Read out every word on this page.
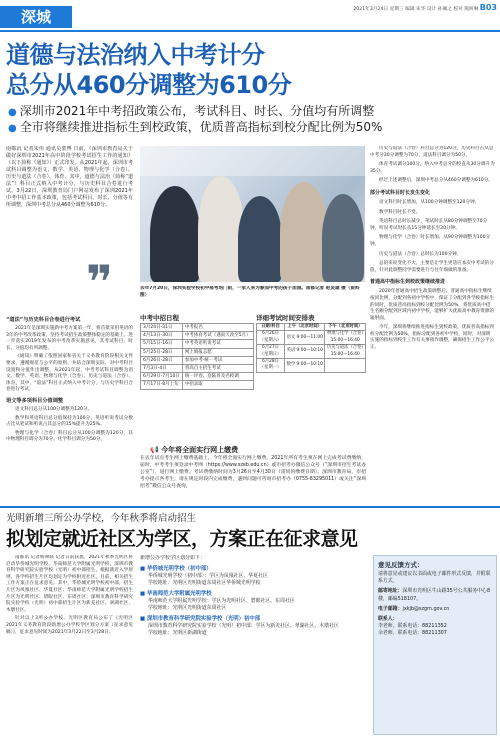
深城	2021年3月24日 星期三 编辑 朱华 设计 孙佩之 校对 熊妍琳 B03
道德与法治纳入中考计分
总分从460分调整为610分
● 深圳市2021年中考招政策公布，考试科目、时长、分值均有所调整
● 全市将继续推进指标生到校政策，优质普高指标到校分配比例为50%
南都讯 记者朱伟 通讯员蒙博 日前，《深圳市教育局关于做好深圳市2021年高中阶段学校考试招生工作的通知》（以下简称《通知》）正式印发。从2021年起，深圳市考试科目调整为语文、数学、英语、物理与化学（合卷）、历史与道法（合卷）、体育，其中，道德与法治（简称“道法”）科目正式纳入中考计分，与历史科目合卷进行考试。3月22日，深圳教育局门户网站发布了深圳2021年中考中招工作基本政策，包括考试科目、时长、分值等有所调整，深圳中考总分从460分调整为610分。
❞	去年7月20日，深圳实验学校初中部考场门前，一家人来为参加中考的孩子加油。南都记者 赵炎雄 摄（资料图）

历史与道法（合卷）科目总分为120分，历史科目占从总中考分30分调整为70分，道法科目调分为50分。

体育考试调分100分，纳入中考总分的校直从30分调升为35分。

经过上述调整后，深圳中考总分从460分调整为610分。

部分考试科目时长发生变化

语文科目时长增加，从100分钟调整至120分钟。

数学科目时长不变。

英语科目总时长减少，笔试时长从80分钟调整至70分钟，听说考试时长从15分钟延长至20分钟。

物理与化学（合卷）时长增加，从90分钟调整为100分钟。

历史与道法（合卷）总时长为100分钟。

总的来说变化不大，主要是让学生更适应本次中考试的分值，针对此调整同学需要进行与往年细做的准备。

普通高中指标生到校政策继续推进

2020年普通高中招生政策调整后，普通高中指标生继续按同比例，分配到各初中学校中，保证了分配到各学校指标生的同时，优质普高指标到校分配比例为50%，将优质高中招生名额分配到区域内初中学校，能够扩大优质高中教育资源的辐射面。

今年，深圳将继续推进指标生到校政策，优质普高指标到校分配比例为50%，指标分配到各初中学校，同时，对深圳实施的指标到校生工作有关事项作调整，确保招生工作公平公正。

“道法”与历史科目合卷进行考试

2021年是深圳实施新中考方案第一年，将首批采用英语的3年的中考改革政策，坚持考试招生政策整体稳定的基础上，进一步落实2019年发布的中考改革实施意见，其考试科目、时长、分值均有所调整。

《通知》明确了依照国家和省关于义务教育阶段相关文件要求，遵循规范与公平的原则，并结合深圳实际，对中考科目设置和分值作出调整，从2021年起，中考考试科目调整为语文、数学、英语、物理与化学（合卷）、历史与道法（合卷）、体育，其中，“道法”科目正式纳入中考计分，与历史学科目合卷进行考试。

语文等多项科目分值调整

语文科目总分从100分调整为120分。

数学和英语科目总分值保持为100分，英语听说考试分数占比从笔试和听说占其总分的15%提升为25%。

物理与化学（合卷）科目总分从100分调整为120分，其中物理科目调分为70分，化学科目调分为50分。

中考中招日程
3月24日-31日	中考报名
4月13日-30日	中考体育考试（遇雨天改至5月）
5月15日-16日	中考英语听说考试
5月25日-28日	网上填报志愿
6月26日-28日	参加中考-统一考试
7月3日-4日	普高自主招生考试
6月29日-7月10日	统一评卷、登陆普及名校调
7月17日-8月上旬	中招录取
详细考试时间安排表
日期\科目	上午（北京时间）	下午（北京时间）
6月26日（星期六）	语文 9:00—11:00	物理与化学（合卷）15:00—16:40
6月27日（星期日）	英语 9:00—10:10	历史与道法（合卷）15:00—16:40
6月28日（星期一）	数学 9:00—10:10	
📢 今年将全面实行网上缴费
在去年试点考生网上缴费基础上，今年将全面实行网上缴费。2021年所有考生须在网上完成考试费缴纳，届时，中考考生须登录中考网（https://www.szeb.edu.cn）或市招考办微信公众号（“深圳市招生考试办公室”），进行网上缴费。考试费缴纳时间为3月26日至4月30日（雷同的缴费日期）。深圳市教育局、市招考办提示各考生，请在规定时段内完成缴费，遇到问题可咨询市招考办（0755-83295011）或关注“深圳招考”微信公众号查询。
光明新增三所公办学校，今年秋季将启动招生
拟划定就近社区为学区，方案正在征求意见

南都讯 记者杨翠联 记者日前获悉，2021年秋季光明区将启动华侨城光明学校、华南师范大学附属光明学校、深圳市教育科学研究院实验学校（光明）初中部招生，根据就近入学原则，各学校招生片区均划定为学校附近社区。目前，相关招生工作方案正在征求意见。其中，华侨城光明学校初中部，招生片区为凤凰社区、华夏社区；华南师范大学附属光明学校招生片区为光明社区、碧眼社区、东周社区；深圳市教育科学研究院实验学校（光明）初中部招生片区为新羌社区、翠湖社区、木墩社区。

针对以上3所公办学校，光明区教育局公布了《光明区2021年义务教育阶段新增公办学校学区划分方案（征求意见稿）》，征求意见时间为2021年3月22日至3月28日。

新增公办学校学区划分如下：
■ 华侨城光明学校（初中部）
华侨城光明学校（初中部）：学区为凤凰社区、华夏社区
学校地址：光明区光明街道东周社区华侨城光明学校
■ 华南师范大学附属光明学校
华南师范大学附属光明学校：学区为光明社区、碧眼社区、东周社区
学校地址：光明区光明街道东周社区
■ 深圳市教育科学研究院实验学校（光明）初中部
深圳市教育科学研究院实验学校（光明）初中部：学区为新羌社区、翠湖社区、木墩社区
学校地址：光明区新湖街道
意见反馈方式：

请将意见或建议以书面或电子邮件形式反馈，并附联系方式。

邮寄地址：深圳市光明区牛山路35号公共服务中心8楼，邮编518107。

电子邮箱：jxkjb@szgm.gov.cn

联系人：
李老师，联系电话：88211352
余老师，联系电话：88211307
